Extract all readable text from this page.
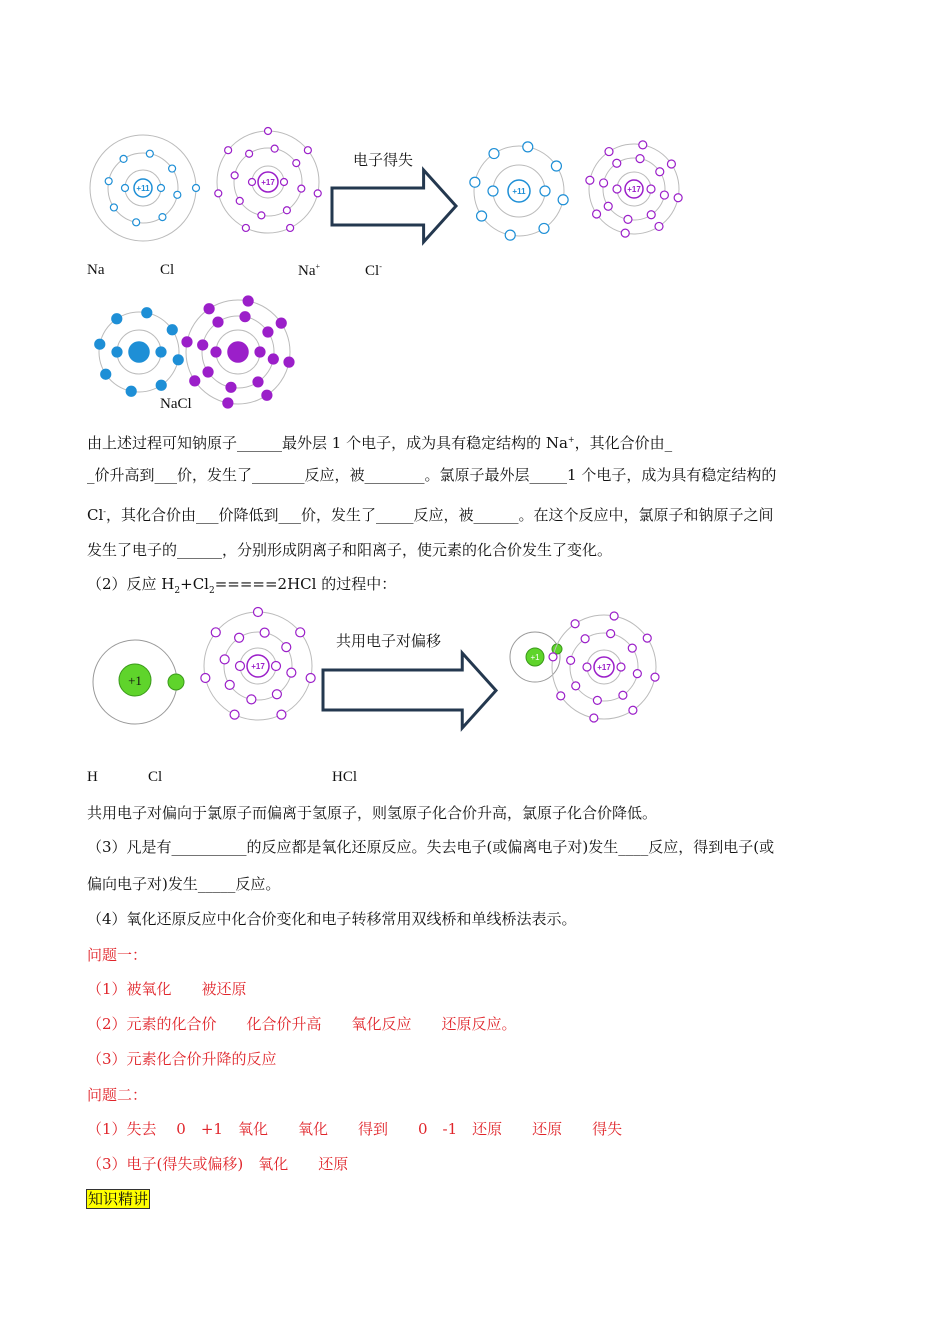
+11
+17
+11	+17
+1
+17
+1
+17
电子得失
Na	Cl	Na+	Cl-
NaCl
由上述过程可知钠原子______最外层 1 个电子，成为具有稳定结构的 Na+，其化合价由_
_价升高到___价，发生了_______反应，被________。氯原子最外层_____1 个电子，成为具有稳定结构的
Cl-，其化合价由___价降低到___价，发生了_____反应，被______。在这个反应中，氯原子和钠原子之间
发生了电子的______，分别形成阴离子和阳离子，使元素的化合价发生了变化。
（2）反应 $H_2+Cl_2=====2HCl$ 的过程中：
共用电子对偏移
H	Cl	HCl
共用电子对偏向于氯原子而偏离于氢原子，则氢原子化合价升高，氯原子化合价降低。
（3）凡是有__________的反应都是氧化还原反应。失去电子(或偏离电子对)发生____反应，得到电子(或
偏向电子对)发生_____反应。
（4）氧化还原反应中化合价变化和电子转移常用双线桥和单线桥法表示。
问题一：
（1）被氧化　　被还原
（2）元素的化合价　　化合价升高　　氧化反应　　还原反应。
（3）元素化合价升降的反应
问题二：
（1）失去　 0　+1　氧化　　氧化　　得到　　0　-1　还原　　还原　　得失
（3）电子(得失或偏移)　氧化　　还原
知识精讲
